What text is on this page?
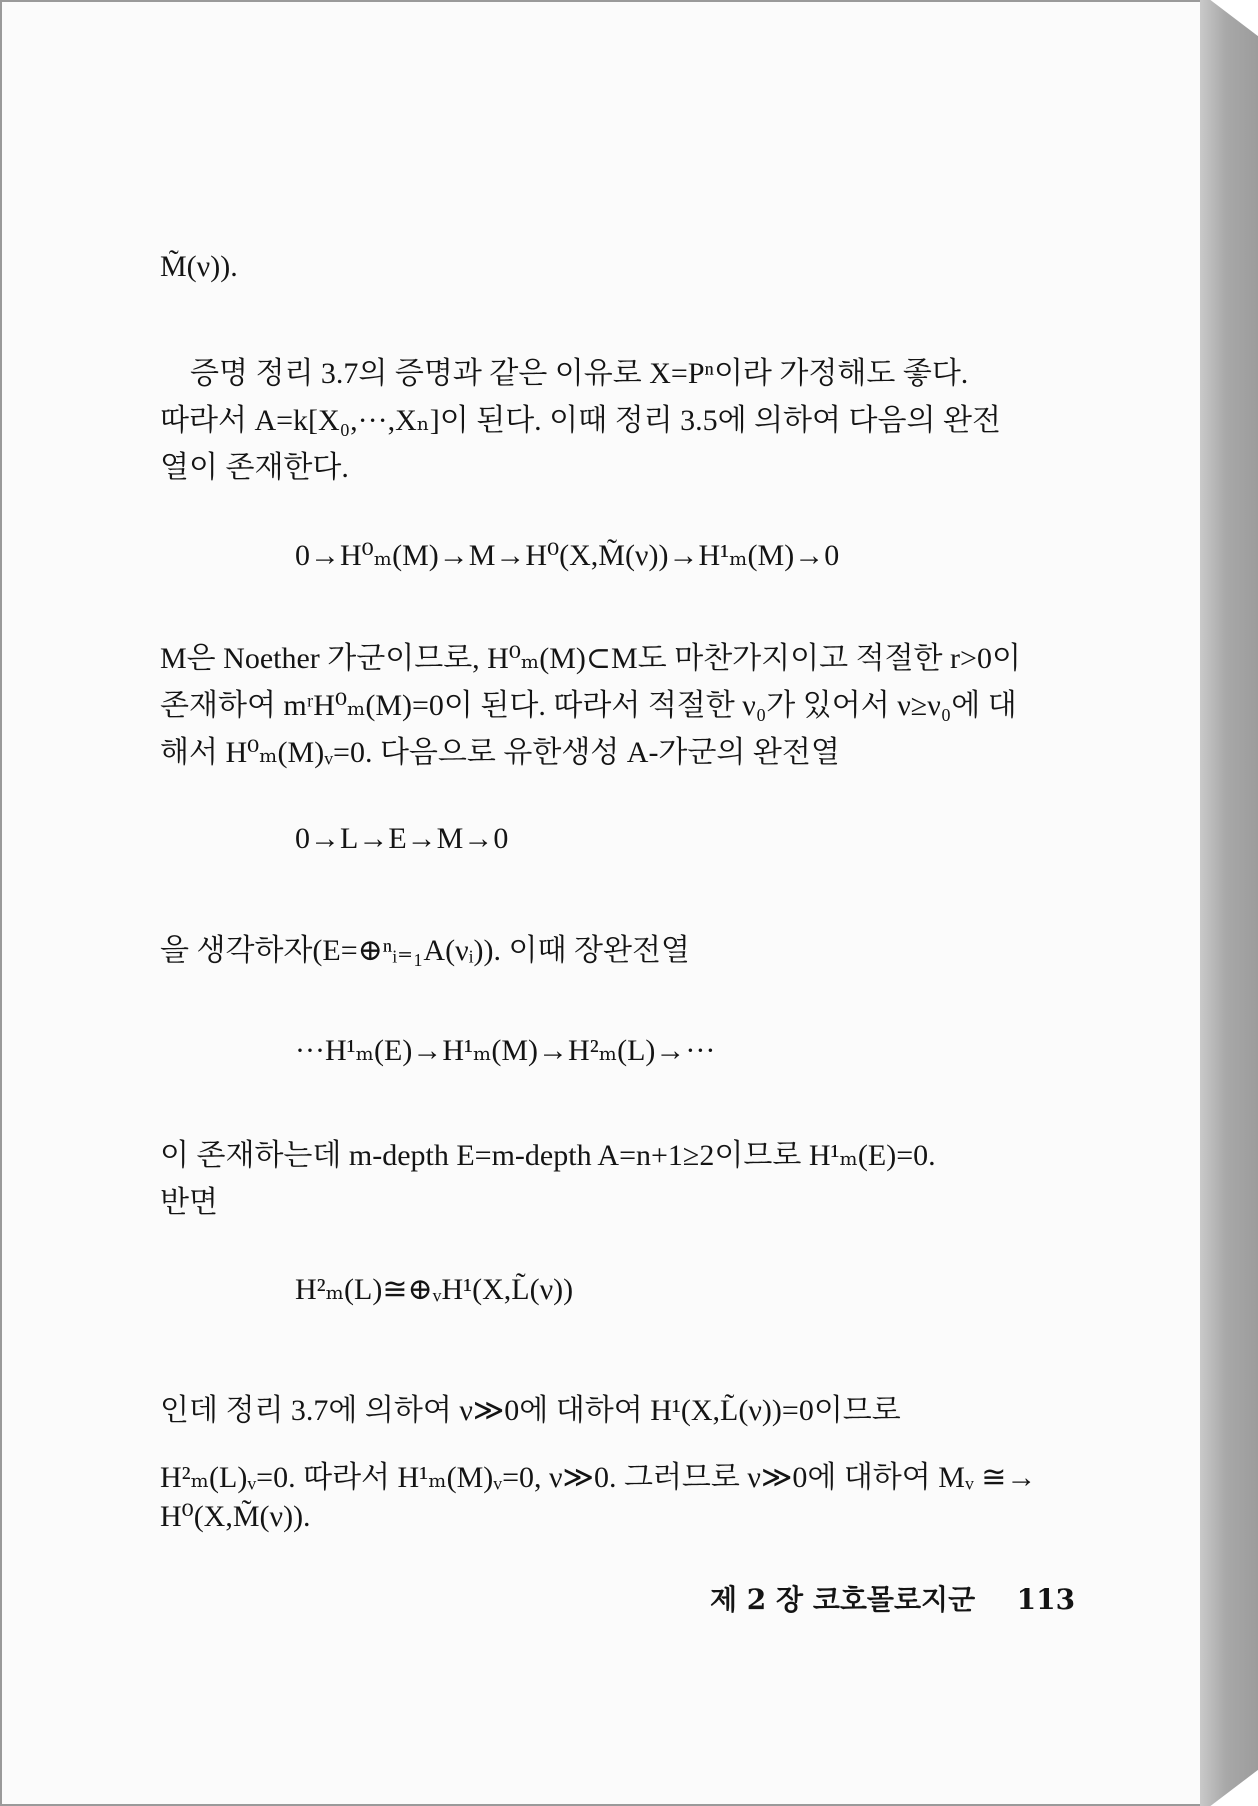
M̃(ν)).
증명 정리 3.7의 증명과 같은 이유로 X=Pⁿ이라 가정해도 좋다.
따라서 A=k[X₀,···,Xₙ]이 된다. 이때 정리 3.5에 의하여 다음의 완전
열이 존재한다.
0→H⁰ₘ(M)→M→H⁰(X,M̃(ν))→H¹ₘ(M)→0
M은 Noether 가군이므로, H⁰ₘ(M)⊂M도 마찬가지이고 적절한 r>0이
존재하여 mʳH⁰ₘ(M)=0이 된다. 따라서 적절한 ν₀가 있어서 ν≥ν₀에 대
해서 H⁰ₘ(M)ᵥ=0. 다음으로 유한생성 A-가군의 완전열
0→L→E→M→0
을 생각하자(E=⊕ⁿᵢ₌₁A(νᵢ)). 이때 장완전열
···H¹ₘ(E)→H¹ₘ(M)→H²ₘ(L)→···
이 존재하는데 m-depth E=m-depth A=n+1≥2이므로 H¹ₘ(E)=0.
반면
H²ₘ(L)≅⊕ᵥH¹(X,L̃(ν))
인데 정리 3.7에 의하여 ν≫0에 대하여 H¹(X,L̃(ν))=0이므로
H²ₘ(L)ᵥ=0. 따라서 H¹ₘ(M)ᵥ=0, ν≫0. 그러므로 ν≫0에 대하여 Mᵥ ≅→
H⁰(X,M̃(ν)).
제 2 장 코호몰로지군 113
